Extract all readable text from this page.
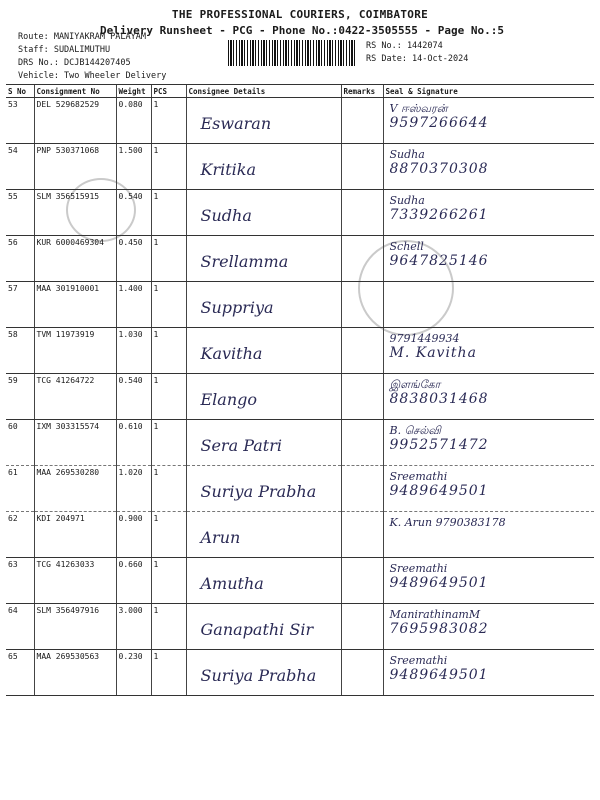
THE PROFESSIONAL COURIERS, COIMBATORE
Delivery Runsheet - PCG - Phone No.:0422-3505555 - Page No.:5
Route: MANIYAKRAM PALAYAM
Staff: SUDALIMUTHU
DRS No.: DCJB144207405
Vehicle: Two Wheeler Delivery
RS No.: 1442074
RS Date: 14-Oct-2024
S No	Consignment No	Weight	PCS	Consignee Details	Remarks	Seal & Signature
53	DEL 529682529	0.080	1	Eswaran		V ஈஸ்வரன்
9597266644

54	PNP 530371068	1.500	1	Kritika		Sudha
8870370308

55	SLM 356515915	0.540	1	Sudha		Sudha
7339266261

56	KUR 6000469304	0.450	1	Srellamma		Schell
9647825146

57	MAA 301910001	1.400	1	Suppriya		

58	TVM 11973919	1.030	1	Kavitha		9791449934
M. Kavitha

59	TCG 41264722	0.540	1	Elango		இளங்கோ
8838031468

60	IXM 303315574	0.610	1	Sera Patri		B. செல்வி
9952571472

61	MAA 269530280	1.020	1	Suriya Prabha		Sreemathi
9489649501

62	KDI 204971	0.900	1	Arun		K. Arun 9790383178

63	TCG 41263033	0.660	1	Amutha		Sreemathi
9489649501

64	SLM 356497916	3.000	1	Ganapathi Sir		ManirathinamM
7695983082

65	MAA 269530563	0.230	1	Suriya Prabha		Sreemathi
9489649501
